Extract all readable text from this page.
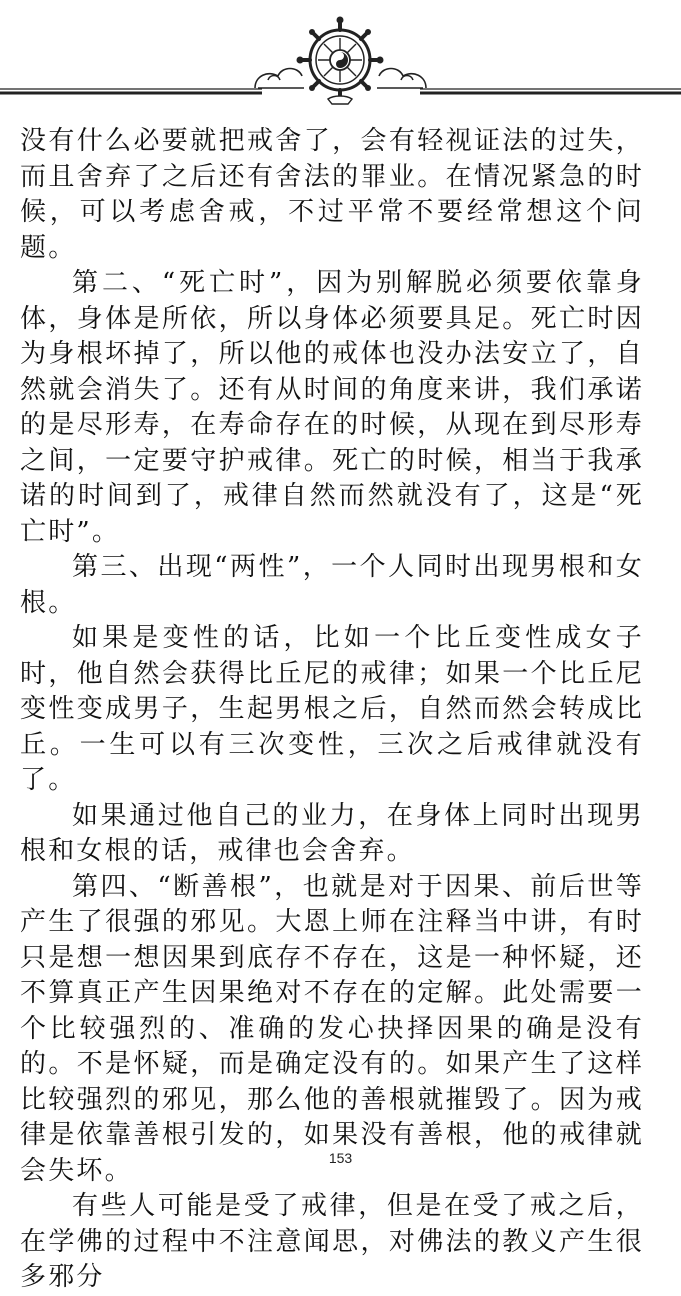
没有什么必要就把戒舍了，会有轻视证法的过失，而且舍弃了之后还有舍法的罪业。在情况紧急的时候，可以考虑舍戒，不过平常不要经常想这个问题。

第二、“死亡时”，因为别解脱必须要依靠身体，身体是所依，所以身体必须要具足。死亡时因为身根坏掉了，所以他的戒体也没办法安立了，自然就会消失了。还有从时间的角度来讲，我们承诺的是尽形寿，在寿命存在的时候，从现在到尽形寿之间，一定要守护戒律。死亡的时候，相当于我承诺的时间到了，戒律自然而然就没有了，这是“死亡时”。

第三、出现“两性”，一个人同时出现男根和女根。

如果是变性的话，比如一个比丘变性成女子时，他自然会获得比丘尼的戒律；如果一个比丘尼变性变成男子，生起男根之后，自然而然会转成比丘。一生可以有三次变性，三次之后戒律就没有了。

如果通过他自己的业力，在身体上同时出现男根和女根的话，戒律也会舍弃。

第四、“断善根”，也就是对于因果、前后世等产生了很强的邪见。大恩上师在注释当中讲，有时只是想一想因果到底存不存在，这是一种怀疑，还不算真正产生因果绝对不存在的定解。此处需要一个比较强烈的、准确的发心抉择因果的确是没有的。不是怀疑，而是确定没有的。如果产生了这样比较强烈的邪见，那么他的善根就摧毁了。因为戒律是依靠善根引发的，如果没有善根，他的戒律就会失坏。

有些人可能是受了戒律，但是在受了戒之后，在学佛的过程中不注意闻思，对佛法的教义产生很多邪分

153
